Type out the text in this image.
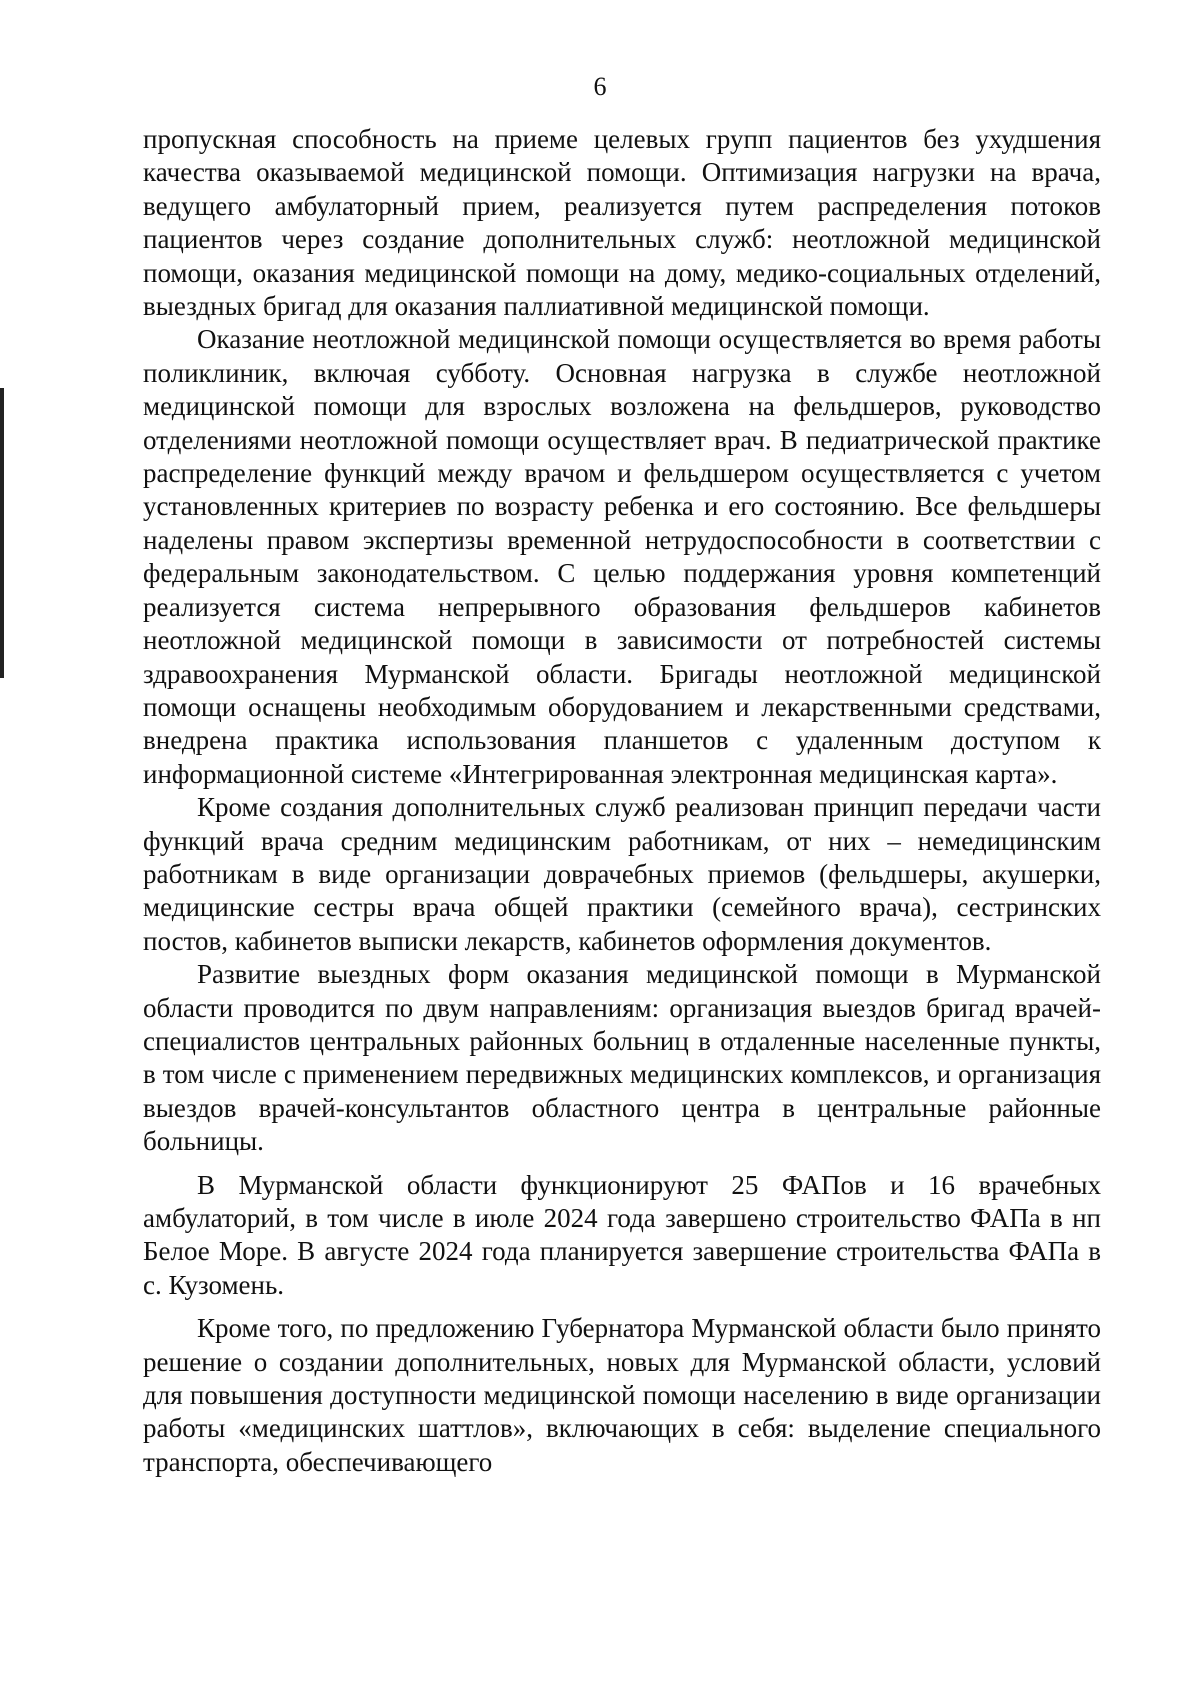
6

пропускная способность на приеме целевых групп пациентов без ухудшения качества оказываемой медицинской помощи. Оптимизация нагрузки на врача, ведущего амбулаторный прием, реализуется путем распределения потоков пациентов через создание дополнительных служб: неотложной медицинской помощи, оказания медицинской помощи на дому, медико-социальных отделений, выездных бригад для оказания паллиативной медицинской помощи.

Оказание неотложной медицинской помощи осуществляется во время работы поликлиник, включая субботу. Основная нагрузка в службе неотложной медицинской помощи для взрослых возложена на фельдшеров, руководство отделениями неотложной помощи осуществляет врач. В педиатрической практике распределение функций между врачом и фельдшером осуществляется с учетом установленных критериев по возрасту ребенка и его состоянию. Все фельдшеры наделены правом экспертизы временной нетрудоспособности в соответствии с федеральным законодательством. С целью поддержания уровня компетенций реализуется система непрерывного образования фельдшеров кабинетов неотложной медицинской помощи в зависимости от потребностей системы здравоохранения Мурманской области. Бригады неотложной медицинской помощи оснащены необходимым оборудованием и лекарственными средствами, внедрена практика использования планшетов с удаленным доступом к информационной системе «Интегрированная электронная медицинская карта».

Кроме создания дополнительных служб реализован принцип передачи части функций врача средним медицинским работникам, от них – немедицинским работникам в виде организации доврачебных приемов (фельдшеры, акушерки, медицинские сестры врача общей практики (семейного врача), сестринских постов, кабинетов выписки лекарств, кабинетов оформления документов.

Развитие выездных форм оказания медицинской помощи в Мурманской области проводится по двум направлениям: организация выездов бригад врачей-специалистов центральных районных больниц в отдаленные населенные пункты, в том числе с применением передвижных медицинских комплексов, и организация выездов врачей-консультантов областного центра в центральные районные больницы.

В Мурманской области функционируют 25 ФАПов и 16 врачебных амбулаторий, в том числе в июле 2024 года завершено строительство ФАПа в нп Белое Море. В августе 2024 года планируется завершение строительства ФАПа в с. Кузомень.

Кроме того, по предложению Губернатора Мурманской области было принято решение о создании дополнительных, новых для Мурманской области, условий для повышения доступности медицинской помощи населению в виде организации работы «медицинских шаттлов», включающих в себя: выделение специального транспорта, обеспечивающего
